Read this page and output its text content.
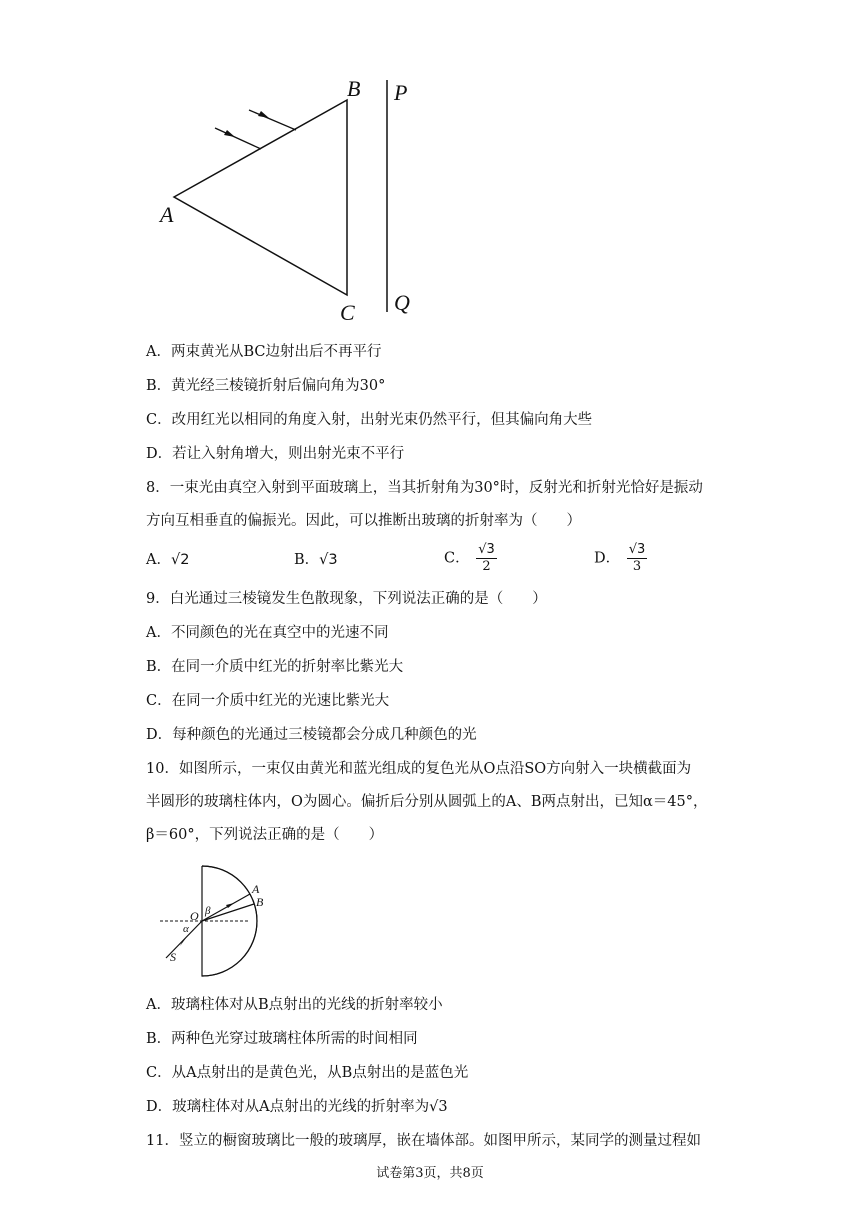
A
B
C
P
Q
A．两束黄光从BC边射出后不再平行
B．黄光经三棱镜折射后偏向角为30°
C．改用红光以相同的角度入射，出射光束仍然平行，但其偏向角大些
D．若让入射角增大，则出射光束不平行
8．一束光由真空入射到平面玻璃上，当其折射角为30°时，反射光和折射光恰好是振动
方向互相垂直的偏振光。因此，可以推断出玻璃的折射率为（　　）
A．√2	B．√3	C． $\frac{√3}{2}$	D． $\frac{√3}{3}$
9．白光通过三棱镜发生色散现象，下列说法正确的是（　　）
A．不同颜色的光在真空中的光速不同
B．在同一介质中红光的折射率比紫光大
C．在同一介质中红光的光速比紫光大
D．每种颜色的光通过三棱镜都会分成几种颜色的光
10．如图所示，一束仅由黄光和蓝光组成的复色光从O点沿SO方向射入一块横截面为
半圆形的玻璃柱体内，O为圆心。偏折后分别从圆弧上的A、B两点射出，已知α＝45°，
β＝60°，下列说法正确的是（　　）
O β
α
A
B
S
A．玻璃柱体对从B点射出的光线的折射率较小
B．两种色光穿过玻璃柱体所需的时间相同
C．从A点射出的是黄色光，从B点射出的是蓝色光
D．玻璃柱体对从A点射出的光线的折射率为√3
11．竖立的橱窗玻璃比一般的玻璃厚，嵌在墙体部。如图甲所示，某同学的测量过程如
试卷第3页，共8页
